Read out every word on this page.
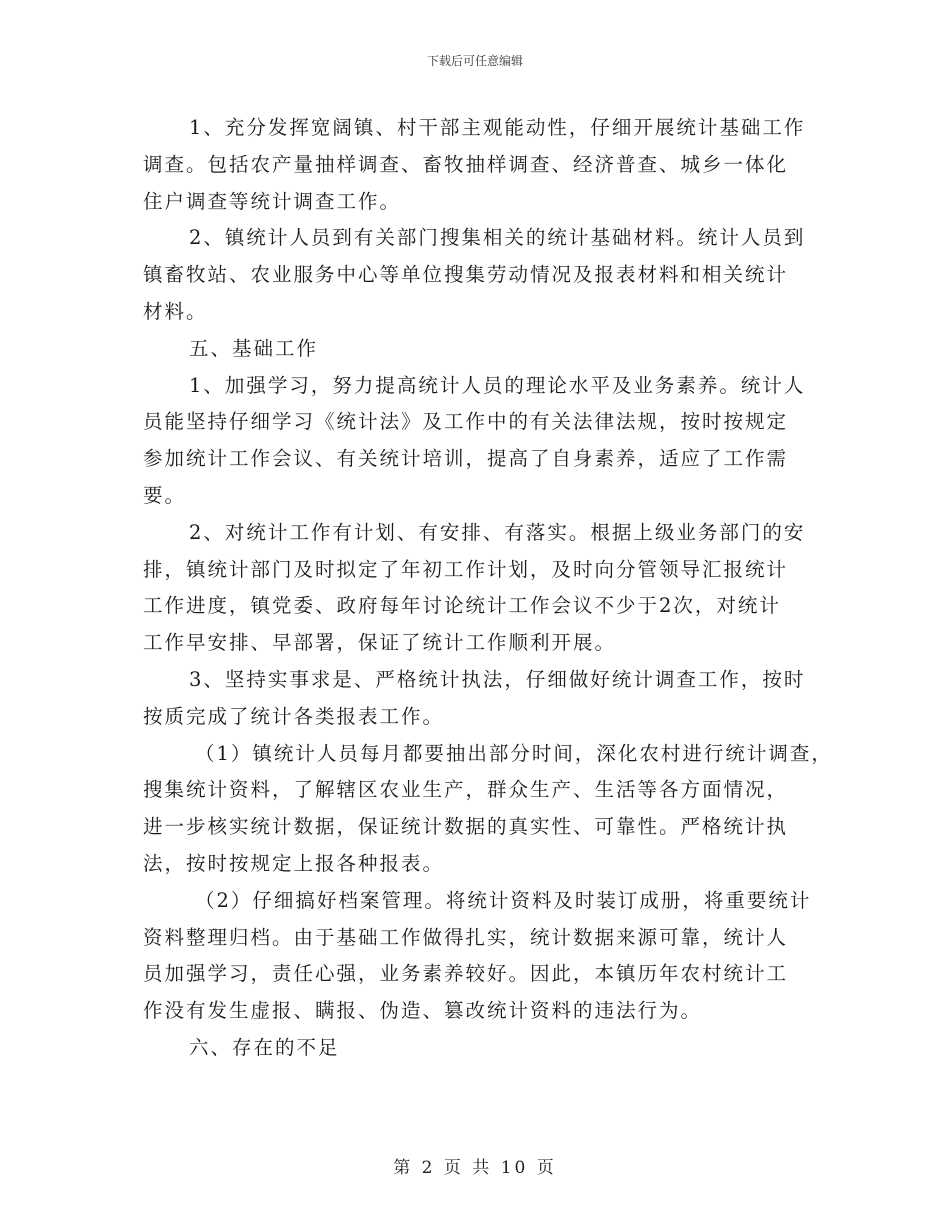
下载后可任意编辑
1、充分发挥宽阔镇、村干部主观能动性，仔细开展统计基础工作
调查。包括农产量抽样调查、畜牧抽样调查、经济普查、城乡一体化
住户调查等统计调查工作。
2、镇统计人员到有关部门搜集相关的统计基础材料。统计人员到
镇畜牧站、农业服务中心等单位搜集劳动情况及报表材料和相关统计
材料。
五、基础工作
1、加强学习，努力提高统计人员的理论水平及业务素养。统计人
员能坚持仔细学习《统计法》及工作中的有关法律法规，按时按规定
参加统计工作会议、有关统计培训，提高了自身素养，适应了工作需
要。
2、对统计工作有计划、有安排、有落实。根据上级业务部门的安
排，镇统计部门及时拟定了年初工作计划，及时向分管领导汇报统计
工作进度，镇党委、政府每年讨论统计工作会议不少于2次，对统计
工作早安排、早部署，保证了统计工作顺利开展。
3、坚持实事求是、严格统计执法，仔细做好统计调查工作，按时
按质完成了统计各类报表工作。
（1）镇统计人员每月都要抽出部分时间，深化农村进行统计调查，
搜集统计资料，了解辖区农业生产，群众生产、生活等各方面情况，
进一步核实统计数据，保证统计数据的真实性、可靠性。严格统计执
法，按时按规定上报各种报表。
（2）仔细搞好档案管理。将统计资料及时装订成册，将重要统计
资料整理归档。由于基础工作做得扎实，统计数据来源可靠，统计人
员加强学习，责任心强，业务素养较好。因此，本镇历年农村统计工
作没有发生虚报、瞒报、伪造、篡改统计资料的违法行为。
六、存在的不足
第 2 页 共 10 页
